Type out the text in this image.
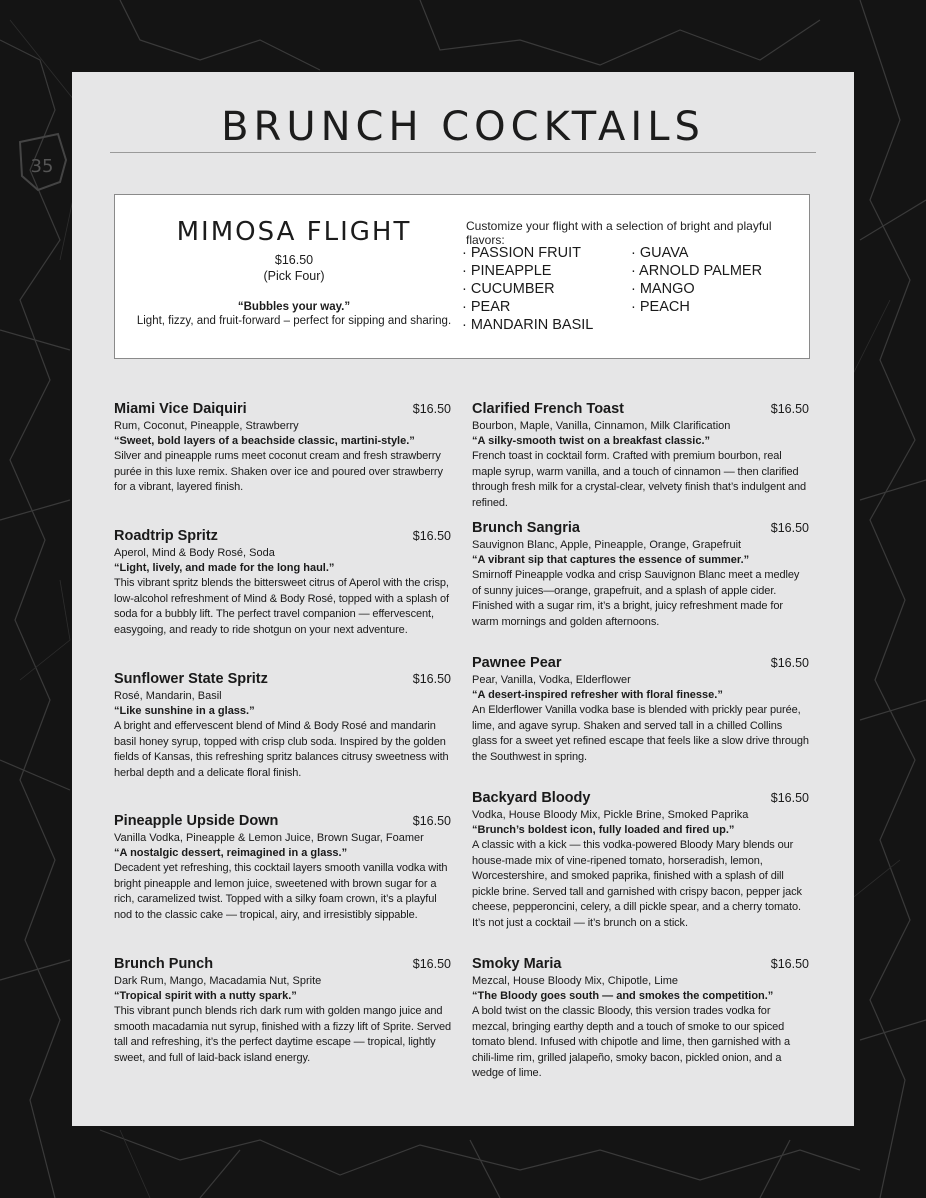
35
BRUNCH COCKTAILS
MIMOSA FLIGHT
$16.50
(Pick Four)
“Bubbles your way.”
Light, fizzy, and fruit-forward – perfect for sipping and sharing.
Customize your flight with a selection of bright and playful flavors:
· PASSION FRUIT
· PINEAPPLE
· CUCUMBER
· PEAR
· MANDARIN BASIL
· GUAVA
· ARNOLD PALMER
· MANGO
· PEACH
Miami Vice Daiquiri	$16.50
Rum, Coconut, Pineapple, Strawberry
“Sweet, bold layers of a beachside classic, martini-style.”
Silver and pineapple rums meet coconut cream and fresh strawberry purée in this luxe remix. Shaken over ice and poured over strawberry for a vibrant, layered finish.
Roadtrip Spritz	$16.50
Aperol, Mind & Body Rosé, Soda
“Light, lively, and made for the long haul.”
This vibrant spritz blends the bittersweet citrus of Aperol with the crisp, low-alcohol refreshment of Mind & Body Rosé, topped with a splash of soda for a bubbly lift. The perfect travel companion — effervescent, easygoing, and ready to ride shotgun on your next adventure.
Sunflower State Spritz	$16.50
Rosé, Mandarin, Basil
“Like sunshine in a glass.”
A bright and effervescent blend of Mind & Body Rosé and mandarin basil honey syrup, topped with crisp club soda. Inspired by the golden fields of Kansas, this refreshing spritz balances citrusy sweetness with herbal depth and a delicate floral finish.
Pineapple Upside Down	$16.50
Vanilla Vodka, Pineapple & Lemon Juice, Brown Sugar, Foamer
“A nostalgic dessert, reimagined in a glass.”
Decadent yet refreshing, this cocktail layers smooth vanilla vodka with bright pineapple and lemon juice, sweetened with brown sugar for a rich, caramelized twist. Topped with a silky foam crown, it’s a playful nod to the classic cake — tropical, airy, and irresistibly sippable.
Brunch Punch	$16.50
Dark Rum, Mango, Macadamia Nut, Sprite
“Tropical spirit with a nutty spark.”
This vibrant punch blends rich dark rum with golden mango juice and smooth macadamia nut syrup, finished with a fizzy lift of Sprite. Served tall and refreshing, it’s the perfect daytime escape — tropical, lightly sweet, and full of laid-back island energy.
Clarified French Toast	$16.50
Bourbon, Maple, Vanilla, Cinnamon, Milk Clarification
“A silky-smooth twist on a breakfast classic.”
French toast in cocktail form. Crafted with premium bourbon, real maple syrup, warm vanilla, and a touch of cinnamon — then clarified through fresh milk for a crystal-clear, velvety finish that’s indulgent and refined.
Brunch Sangria	$16.50
Sauvignon Blanc, Apple, Pineapple, Orange, Grapefruit
“A vibrant sip that captures the essence of summer.”
Smirnoff Pineapple vodka and crisp Sauvignon Blanc meet a medley of sunny juices—orange, grapefruit, and a splash of apple cider. Finished with a sugar rim, it’s a bright, juicy refreshment made for warm mornings and golden afternoons.
Pawnee Pear	$16.50
Pear, Vanilla, Vodka, Elderflower
“A desert-inspired refresher with floral finesse.”
An Elderflower Vanilla vodka base is blended with prickly pear purée, lime, and agave syrup. Shaken and served tall in a chilled Collins glass for a sweet yet refined escape that feels like a slow drive through the Southwest in spring.
Backyard Bloody	$16.50
Vodka, House Bloody Mix, Pickle Brine, Smoked Paprika
“Brunch’s boldest icon, fully loaded and fired up.”
A classic with a kick — this vodka-powered Bloody Mary blends our house-made mix of vine-ripened tomato, horseradish, lemon, Worcestershire, and smoked paprika, finished with a splash of dill pickle brine. Served tall and garnished with crispy bacon, pepper jack cheese, pepperoncini, celery, a dill pickle spear, and a cherry tomato. It’s not just a cocktail — it’s brunch on a stick.
Smoky Maria	$16.50
Mezcal, House Bloody Mix, Chipotle, Lime
“The Bloody goes south — and smokes the competition.”
A bold twist on the classic Bloody, this version trades vodka for mezcal, bringing earthy depth and a touch of smoke to our spiced tomato blend. Infused with chipotle and lime, then garnished with a chili-lime rim, grilled jalapeño, smoky bacon, pickled onion, and a wedge of lime.
